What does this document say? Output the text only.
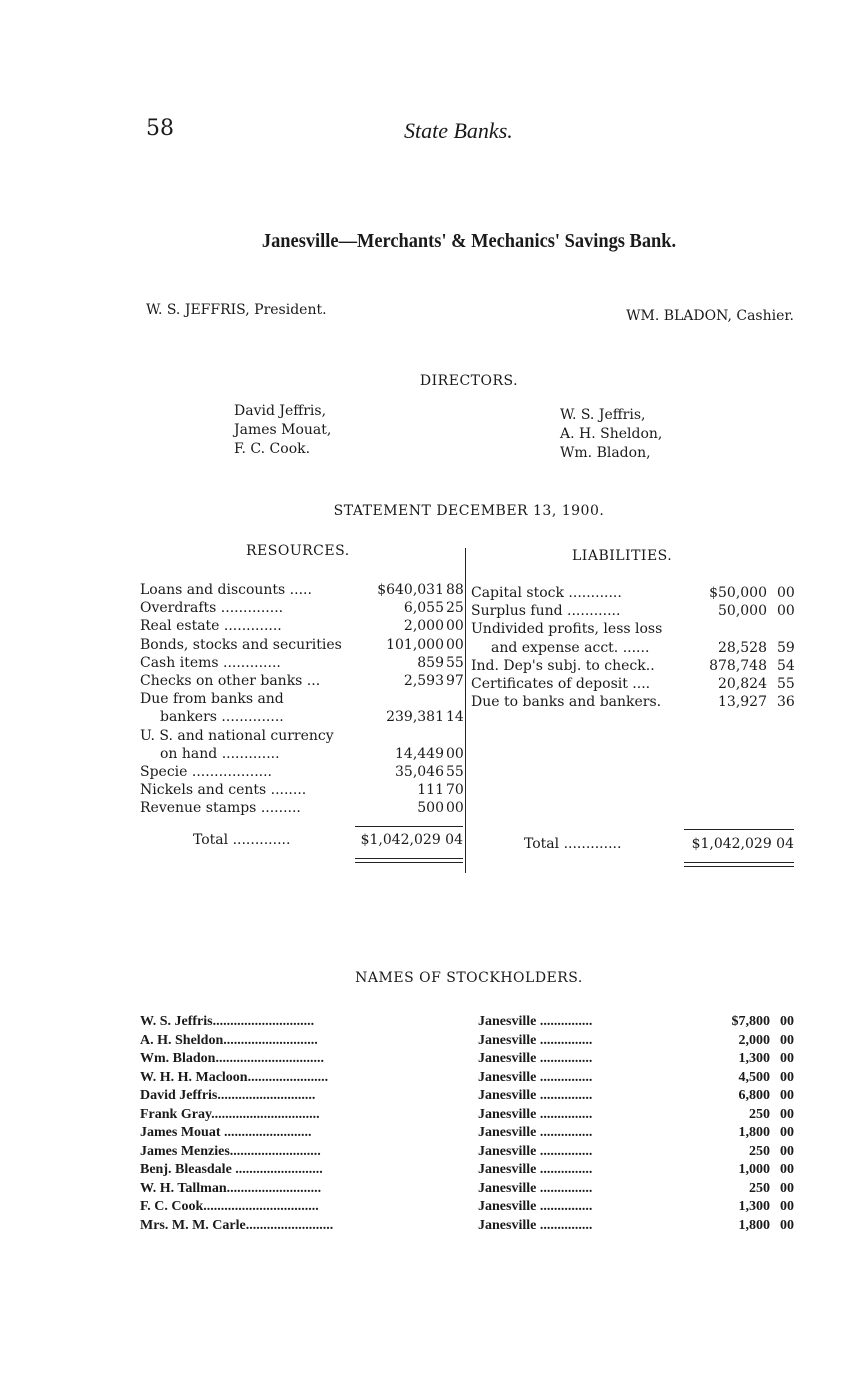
58	State Banks.
Janesville—Merchants' & Mechanics' Savings Bank.
W. S. JEFFRIS, President.	WM. BLADON, Cashier.
DIRECTORS.
David Jeffris,
James Mouat,
F. C. Cook.
W. S. Jeffris,
A. H. Sheldon,
Wm. Bladon,
STATEMENT DECEMBER 13, 1900.
RESOURCES.	LIABILITIES.
Loans and discounts .....	$640,031 88
Overdrafts ..............	6,055 25
Real estate .............	2,000 00
Bonds, stocks and securities	101,000 00
Cash items .............	859 55
Checks on other banks ...	2,593 97
Due from banks and
bankers ..............	239,381 14
U. S. and national currency
on hand .............	14,449 00
Specie ..................	35,046 55
Nickels and cents ........	111 70
Revenue stamps .........	500 00
Capital stock ............	$50,000 00
Surplus fund ............	50,000 00
Undivided profits, less loss
and expense acct. ......	28,528 59
Ind. Dep's subj. to check..	878,748 54
Certificates of deposit ....	20,824 55
Due to banks and bankers.	13,927 36
Total .............	$1,042,029 04	Total .............	$1,042,029 04
NAMES OF STOCKHOLDERS.
W. S. Jeffris.............................	Janesville ...............	$7,800 00
A. H. Sheldon...........................	Janesville ...............	2,000 00
Wm. Bladon...............................	Janesville ...............	1,300 00
W. H. H. Macloon.......................	Janesville ...............	4,500 00
David Jeffris............................	Janesville ...............	6,800 00
Frank Gray...............................	Janesville ...............	250 00
James Mouat .........................	Janesville ...............	1,800 00
James Menzies..........................	Janesville ...............	250 00
Benj. Bleasdale .........................	Janesville ...............	1,000 00
W. H. Tallman...........................	Janesville ...............	250 00
F. C. Cook.................................	Janesville ...............	1,300 00
Mrs. M. M. Carle.........................	Janesville ...............	1,800 00
